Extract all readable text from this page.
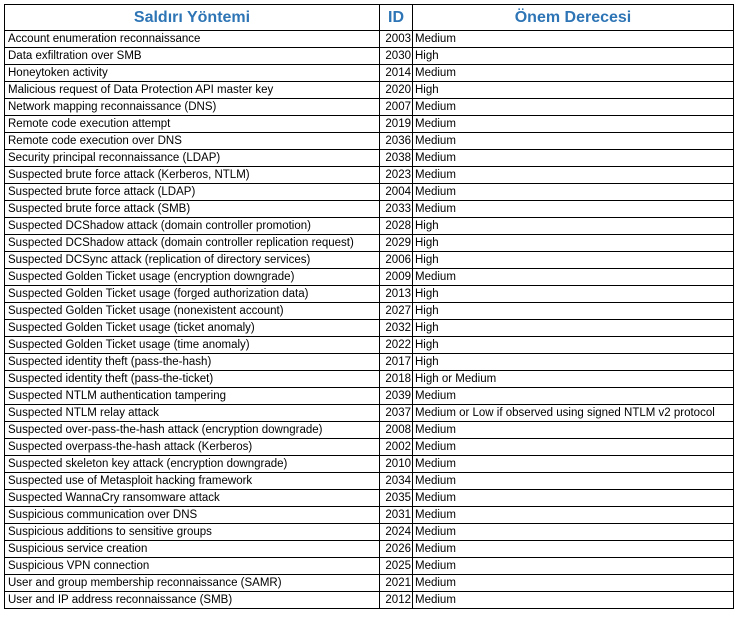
Saldırı Yöntemi	ID	Önem Derecesi
Account enumeration reconnaissance	2003	Medium
Data exfiltration over SMB	2030	High
Honeytoken activity	2014	Medium
Malicious request of Data Protection API master key	2020	High
Network mapping reconnaissance (DNS)	2007	Medium
Remote code execution attempt	2019	Medium
Remote code execution over DNS	2036	Medium
Security principal reconnaissance (LDAP)	2038	Medium
Suspected brute force attack (Kerberos, NTLM)	2023	Medium
Suspected brute force attack (LDAP)	2004	Medium
Suspected brute force attack (SMB)	2033	Medium
Suspected DCShadow attack (domain controller promotion)	2028	High
Suspected DCShadow attack (domain controller replication request)	2029	High
Suspected DCSync attack (replication of directory services)	2006	High
Suspected Golden Ticket usage (encryption downgrade)	2009	Medium
Suspected Golden Ticket usage (forged authorization data)	2013	High
Suspected Golden Ticket usage (nonexistent account)	2027	High
Suspected Golden Ticket usage (ticket anomaly)	2032	High
Suspected Golden Ticket usage (time anomaly)	2022	High
Suspected identity theft (pass-the-hash)	2017	High
Suspected identity theft (pass-the-ticket)	2018	High or Medium
Suspected NTLM authentication tampering	2039	Medium
Suspected NTLM relay attack	2037	Medium or Low if observed using signed NTLM v2 protocol
Suspected over-pass-the-hash attack (encryption downgrade)	2008	Medium
Suspected overpass-the-hash attack (Kerberos)	2002	Medium
Suspected skeleton key attack (encryption downgrade)	2010	Medium
Suspected use of Metasploit hacking framework	2034	Medium
Suspected WannaCry ransomware attack	2035	Medium
Suspicious communication over DNS	2031	Medium
Suspicious additions to sensitive groups	2024	Medium
Suspicious service creation	2026	Medium
Suspicious VPN connection	2025	Medium
User and group membership reconnaissance (SAMR)	2021	Medium
User and IP address reconnaissance (SMB)	2012	Medium
